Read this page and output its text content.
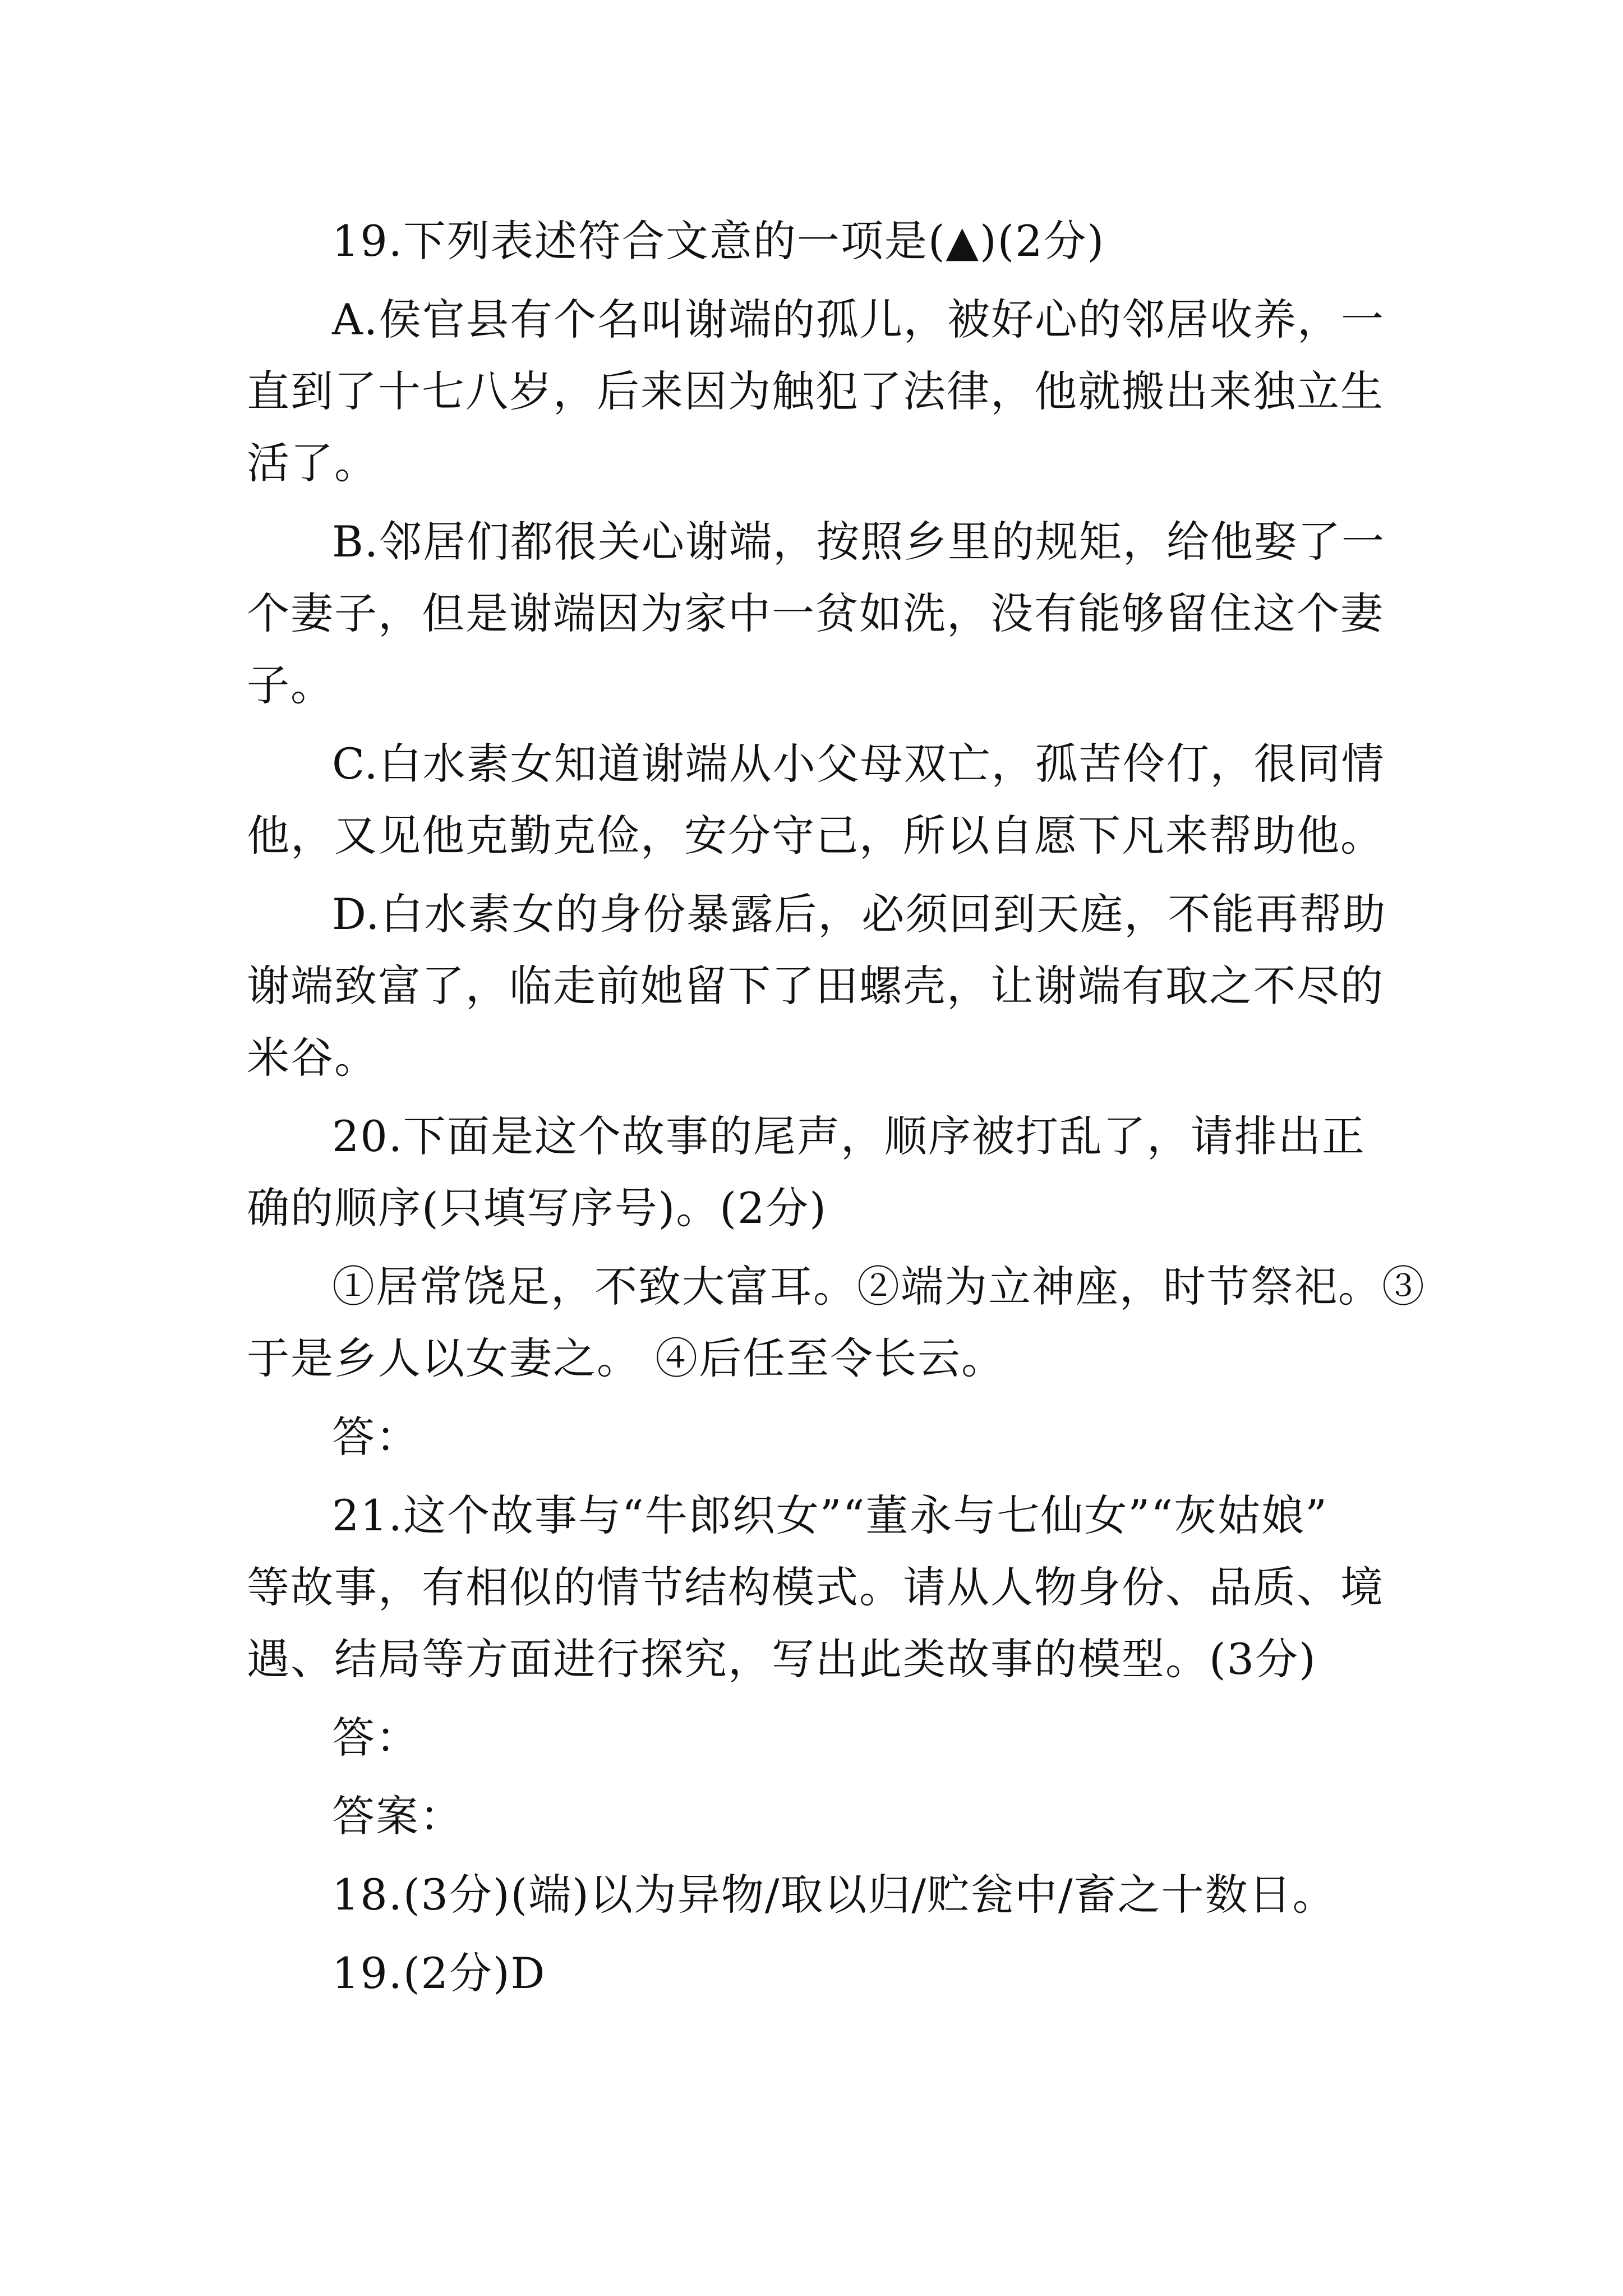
19.下列表述符合文意的一项是(▲)(2分)
A.侯官县有个名叫谢端的孤儿，被好心的邻居收养，一
直到了十七八岁，后来因为触犯了法律，他就搬出来独立生
活了。
B.邻居们都很关心谢端，按照乡里的规矩，给他娶了一
个妻子，但是谢端因为家中一贫如洗，没有能够留住这个妻
子。
C.白水素女知道谢端从小父母双亡，孤苦伶仃，很同情
他，又见他克勤克俭，安分守己，所以自愿下凡来帮助他。
D.白水素女的身份暴露后，必须回到天庭，不能再帮助
谢端致富了，临走前她留下了田螺壳，让谢端有取之不尽的
米谷。
20.下面是这个故事的尾声，顺序被打乱了，请排出正
确的顺序(只填写序号)。(2分)
①居常饶足，不致大富耳。②端为立神座，时节祭祀。③
于是乡人以女妻之。 ④后任至令长云。
答：
21.这个故事与“牛郎织女”“董永与七仙女”“灰姑娘”
等故事，有相似的情节结构模式。请从人物身份、品质、境
遇、结局等方面进行探究，写出此类故事的模型。(3分)
答：
答案：
18.(3分)(端)以为异物/取以归/贮瓮中/畜之十数日。
19.(2分)D
